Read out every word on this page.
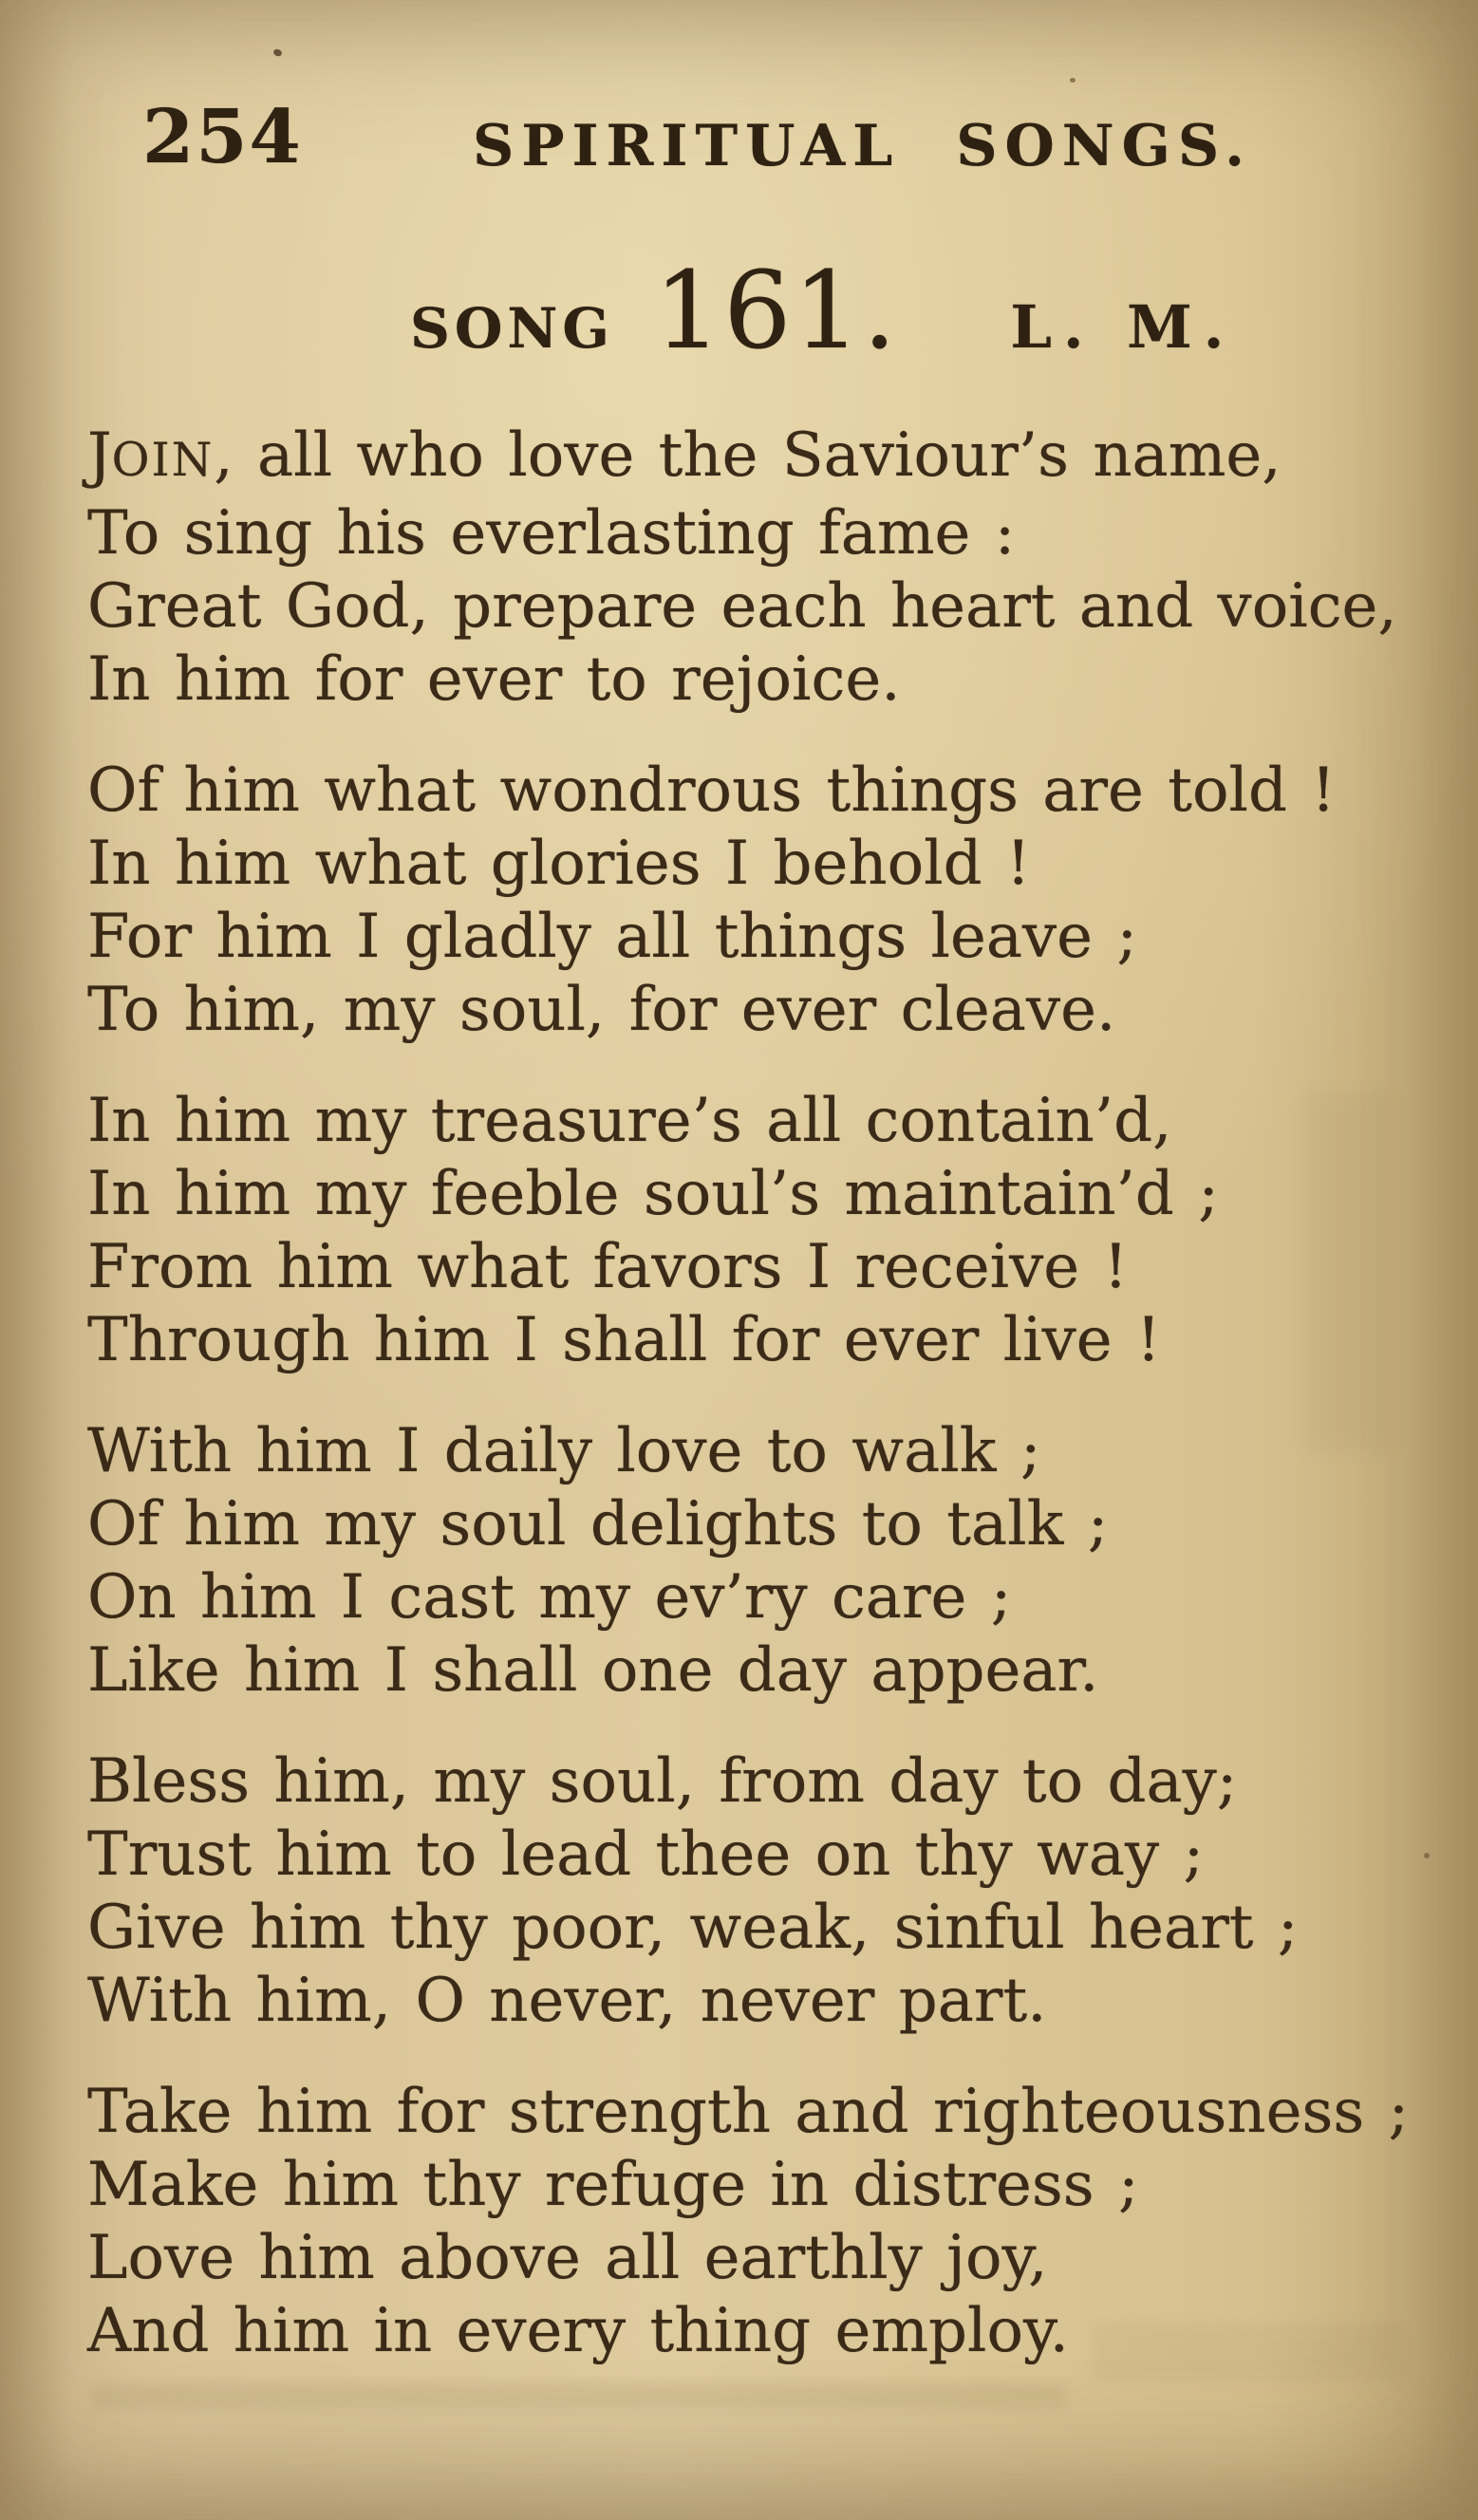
254	SPIRITUAL SONGS.
SONG 161. L. M.

JOIN, all who love the Saviour’s name,

To sing his everlasting fame :

Great God, prepare each heart and voice,

In him for ever to rejoice.

Of him what wondrous things are told !

In him what glories I behold !

For him I gladly all things leave ;

To him, my soul, for ever cleave.

In him my treasure’s all contain’d,

In him my feeble soul’s maintain’d ;

From him what favors I receive !

Through him I shall for ever live !

With him I daily love to walk ;

Of him my soul delights to talk ;

On him I cast my ev’ry care ;

Like him I shall one day appear.

Bless him, my soul, from day to day;

Trust him to lead thee on thy way ;

Give him thy poor, weak, sinful heart ;

With him, O never, never part.

Take him for strength and righteousness ;

Make him thy refuge in distress ;

Love him above all earthly joy,

And him in every thing employ.
